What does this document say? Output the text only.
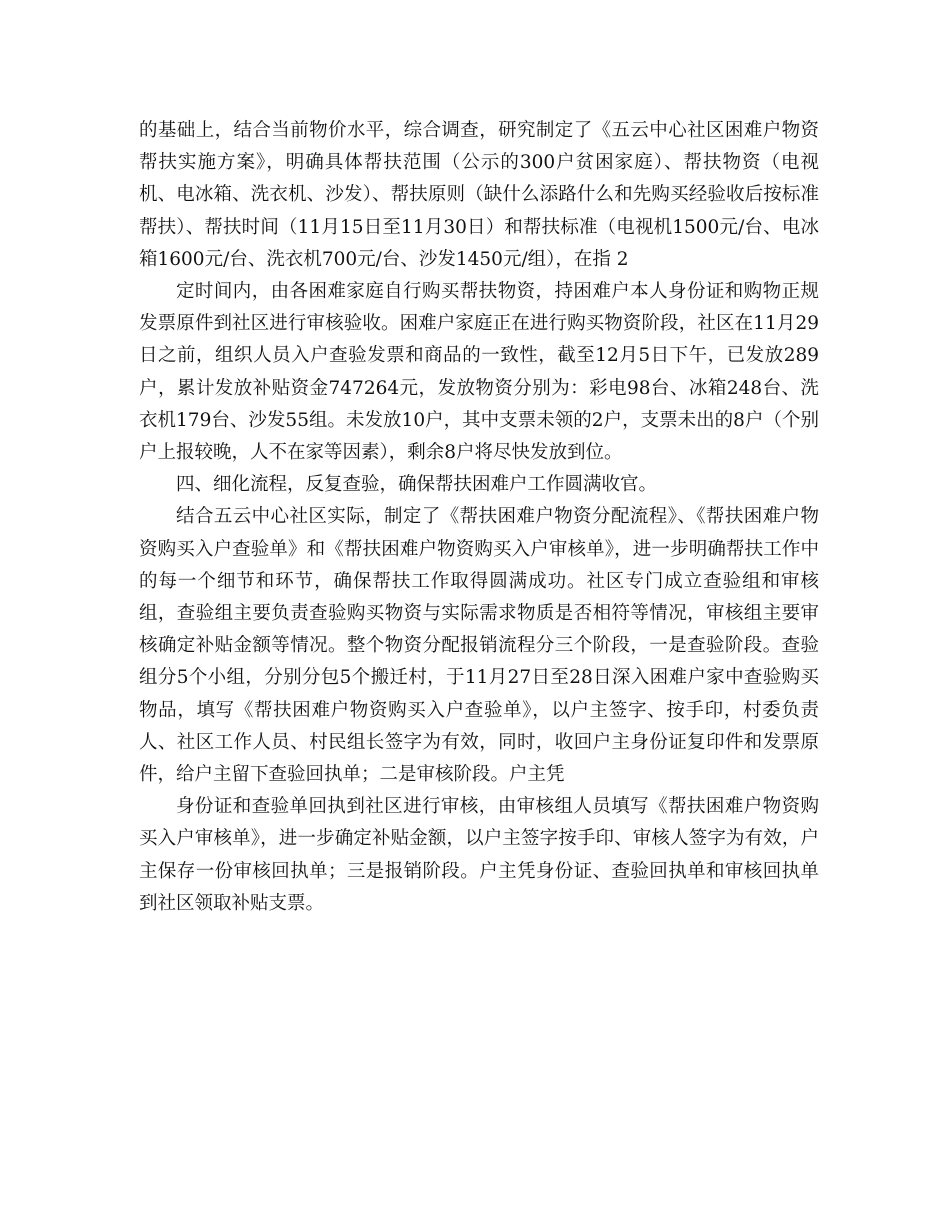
的基础上，结合当前物价水平，综合调查，研究制定了《五云中心社区困难户物资帮扶实施方案》，明确具体帮扶范围（公示的300户贫困家庭）、帮扶物资（电视机、电冰箱、洗衣机、沙发）、帮扶原则（缺什么添路什么和先购买经验收后按标准帮扶）、帮扶时间（11月15日至11月30日）和帮扶标准（电视机1500元/台、电冰箱1600元/台、洗衣机700元/台、沙发1450元/组），在指 2

定时间内，由各困难家庭自行购买帮扶物资，持困难户本人身份证和购物正规发票原件到社区进行审核验收。困难户家庭正在进行购买物资阶段，社区在11月29日之前，组织人员入户查验发票和商品的一致性，截至12月5日下午，已发放289户，累计发放补贴资金747264元，发放物资分别为：彩电98台、冰箱248台、洗衣机179台、沙发55组。未发放10户，其中支票未领的2户，支票未出的8户（个别户上报较晚，人不在家等因素），剩余8户将尽快发放到位。

四、细化流程，反复查验，确保帮扶困难户工作圆满收官。

结合五云中心社区实际，制定了《帮扶困难户物资分配流程》、《帮扶困难户物资购买入户查验单》和《帮扶困难户物资购买入户审核单》，进一步明确帮扶工作中的每一个细节和环节，确保帮扶工作取得圆满成功。社区专门成立查验组和审核组，查验组主要负责查验购买物资与实际需求物质是否相符等情况，审核组主要审核确定补贴金额等情况。整个物资分配报销流程分三个阶段，一是查验阶段。查验组分5个小组，分别分包5个搬迁村，于11月27日至28日深入困难户家中查验购买物品，填写《帮扶困难户物资购买入户查验单》，以户主签字、按手印，村委负责人、社区工作人员、村民组长签字为有效，同时，收回户主身份证复印件和发票原件，给户主留下查验回执单；二是审核阶段。户主凭

身份证和查验单回执到社区进行审核，由审核组人员填写《帮扶困难户物资购买入户审核单》，进一步确定补贴金额，以户主签字按手印、审核人签字为有效，户主保存一份审核回执单；三是报销阶段。户主凭身份证、查验回执单和审核回执单到社区领取补贴支票。
